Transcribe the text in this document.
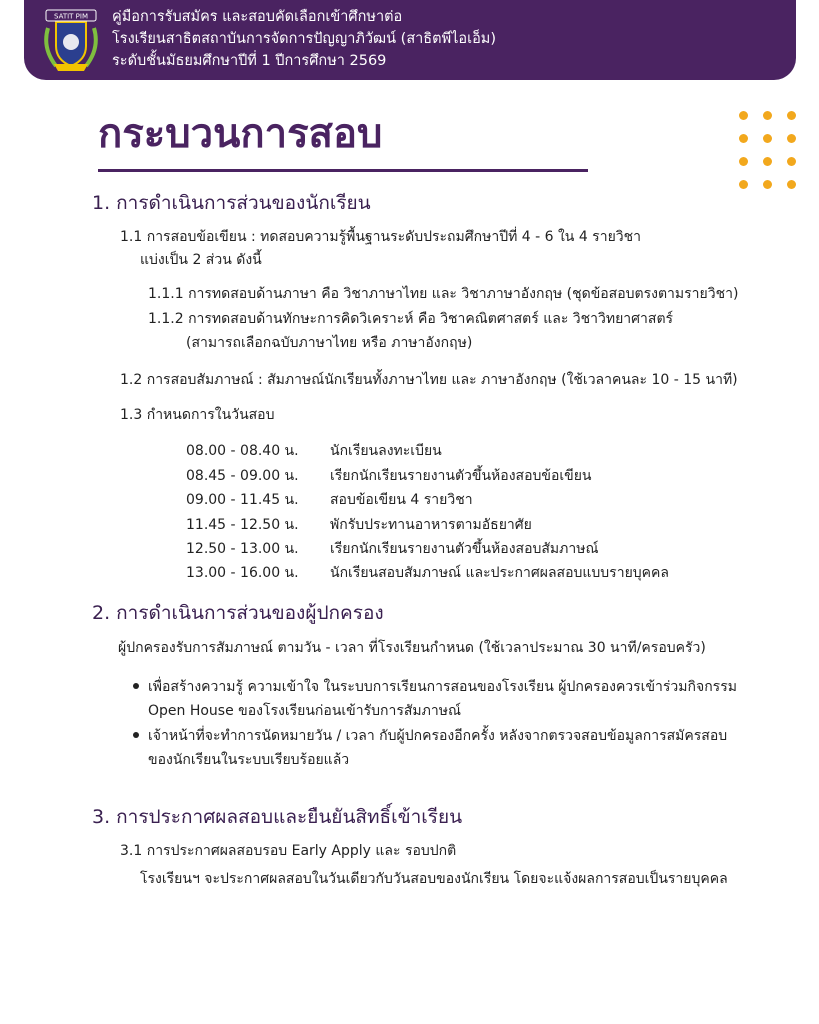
SATIT PIM คู่มือการรับสมัคร และสอบคัดเลือกเข้าศึกษาต่อ
โรงเรียนสาธิตสถาบันการจัดการปัญญาภิวัฒน์ (สาธิตพีไอเอ็ม)
ระดับชั้นมัธยมศึกษาปีที่ 1 ปีการศึกษา 2569
กระบวนการสอบ
1. การดำเนินการส่วนของนักเรียน
1.1 การสอบข้อเขียน : ทดสอบความรู้พื้นฐานระดับประถมศึกษาปีที่ 4 - 6 ใน 4 รายวิชา
แบ่งเป็น 2 ส่วน ดังนี้
1.1.1 การทดสอบด้านภาษา คือ วิชาภาษาไทย และ วิชาภาษาอังกฤษ (ชุดข้อสอบตรงตามรายวิชา)
1.1.2 การทดสอบด้านทักษะการคิดวิเคราะห์ คือ วิชาคณิตศาสตร์ และ วิชาวิทยาศาสตร์
(สามารถเลือกฉบับภาษาไทย หรือ ภาษาอังกฤษ)
1.2 การสอบสัมภาษณ์ : สัมภาษณ์นักเรียนทั้งภาษาไทย และ ภาษาอังกฤษ (ใช้เวลาคนละ 10 - 15 นาที)
1.3 กำหนดการในวันสอบ
08.00 - 08.40 น. นักเรียนลงทะเบียน
08.45 - 09.00 น. เรียกนักเรียนรายงานตัวขึ้นห้องสอบข้อเขียน
09.00 - 11.45 น. สอบข้อเขียน 4 รายวิชา
11.45 - 12.50 น. พักรับประทานอาหารตามอัธยาศัย
12.50 - 13.00 น. เรียกนักเรียนรายงานตัวขึ้นห้องสอบสัมภาษณ์
13.00 - 16.00 น. นักเรียนสอบสัมภาษณ์ และประกาศผลสอบแบบรายบุคคล
2. การดำเนินการส่วนของผู้ปกครอง
ผู้ปกครองรับการสัมภาษณ์ ตามวัน - เวลา ที่โรงเรียนกำหนด (ใช้เวลาประมาณ 30 นาที/ครอบครัว)
เพื่อสร้างความรู้ ความเข้าใจ ในระบบการเรียนการสอนของโรงเรียน ผู้ปกครองควรเข้าร่วมกิจกรรม
Open House ของโรงเรียนก่อนเข้ารับการสัมภาษณ์
เจ้าหน้าที่จะทำการนัดหมายวัน / เวลา กับผู้ปกครองอีกครั้ง หลังจากตรวจสอบข้อมูลการสมัครสอบ
ของนักเรียนในระบบเรียบร้อยแล้ว
3. การประกาศผลสอบและยืนยันสิทธิ์เข้าเรียน
3.1 การประกาศผลสอบรอบ Early Apply และ รอบปกติ
โรงเรียนฯ จะประกาศผลสอบในวันเดียวกับวันสอบของนักเรียน โดยจะแจ้งผลการสอบเป็นรายบุคคล
